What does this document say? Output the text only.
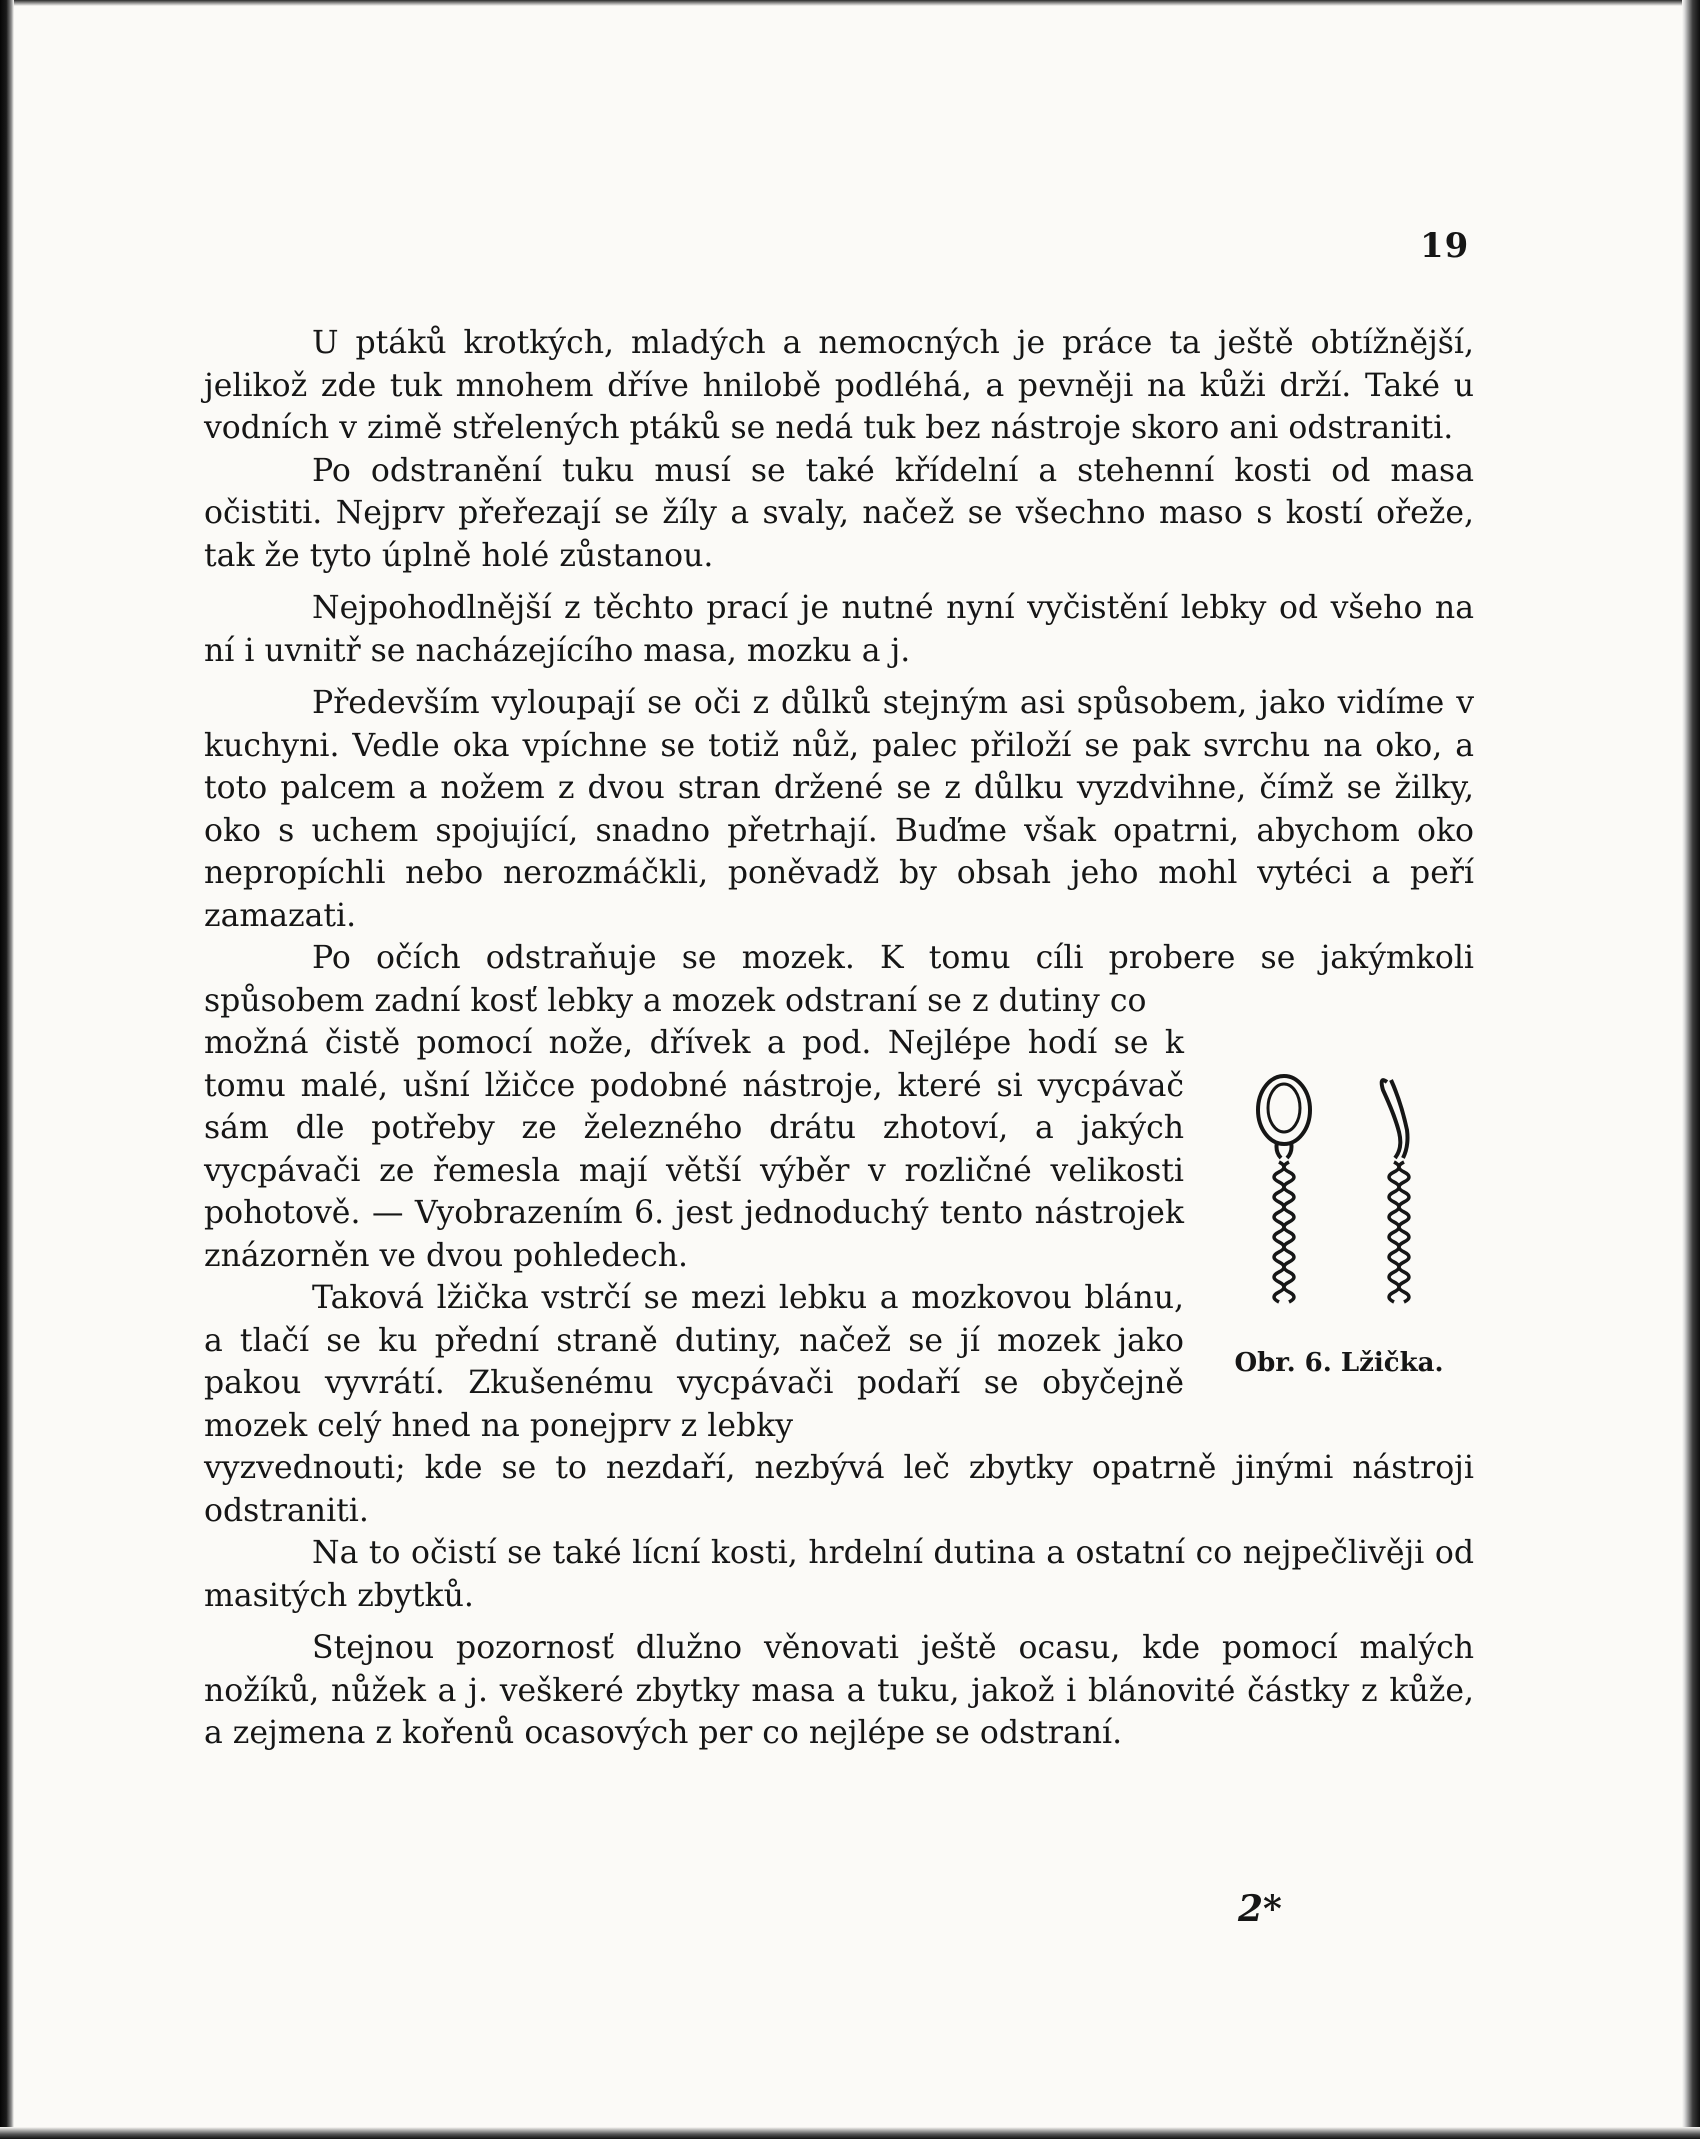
19

U ptáků krotkých, mladých a nemocných je práce ta ještě obtížnější, jelikož zde tuk mnohem dříve hnilobě podléhá, a pevněji na kůži drží. Také u vodních v zimě střelených ptáků se nedá tuk bez nástroje skoro ani odstraniti.

Po odstranění tuku musí se také křídelní a stehenní kosti od masa očistiti. Nejprv přeřezají se žíly a svaly, načež se všechno maso s kostí ořeže, tak že tyto úplně holé zůstanou.

Nejpohodlnější z těchto prací je nutné nyní vyčistění lebky od všeho na ní i uvnitř se nacházejícího masa, mozku a j.

Především vyloupají se oči z důlků stejným asi spůsobem, jako vidíme v kuchyni. Vedle oka vpíchne se totiž nůž, palec přiloží se pak svrchu na oko, a toto palcem a nožem z dvou stran držené se z důlku vyzdvihne, čímž se žilky, oko s uchem spojující, snadno přetrhají. Buďme však opatrni, abychom oko nepropíchli nebo nerozmáčkli, poněvadž by obsah jeho mohl vytéci a peří zamazati.

Po očích odstraňuje se mozek. K tomu cíli probere se jakýmkoli spůsobem zadní kosť lebky a mozek odstraní se z dutiny co

možná čistě pomocí nože, dřívek a pod. Nejlépe hodí se k tomu malé, ušní lžičce podobné nástroje, které si vycpávač sám dle potřeby ze železného drátu zhotoví, a jakých vycpávači ze řemesla mají větší výběr v rozličné velikosti pohotově. — Vyobrazením 6. jest jednoduchý tento nástrojek znázorněn ve dvou pohledech.

Taková lžička vstrčí se mezi lebku a mozkovou blánu, a tlačí se ku přední straně dutiny, načež se jí mozek jako pakou vyvrátí. Zkušenému vycpávači podaří se obyčejně mozek celý hned na ponejprv z lebky

Obr. 6. Lžička.

vyzvednouti; kde se to nezdaří, nezbývá leč zbytky opatrně jinými nástroji odstraniti.

Na to očistí se také lícní kosti, hrdelní dutina a ostatní co nejpečlivěji od masitých zbytků.

Stejnou pozornosť dlužno věnovati ještě ocasu, kde pomocí malých nožíků, nůžek a j. veškeré zbytky masa a tuku, jakož i blánovité částky z kůže, a zejmena z kořenů ocasových per co nejlépe se odstraní.

2*
